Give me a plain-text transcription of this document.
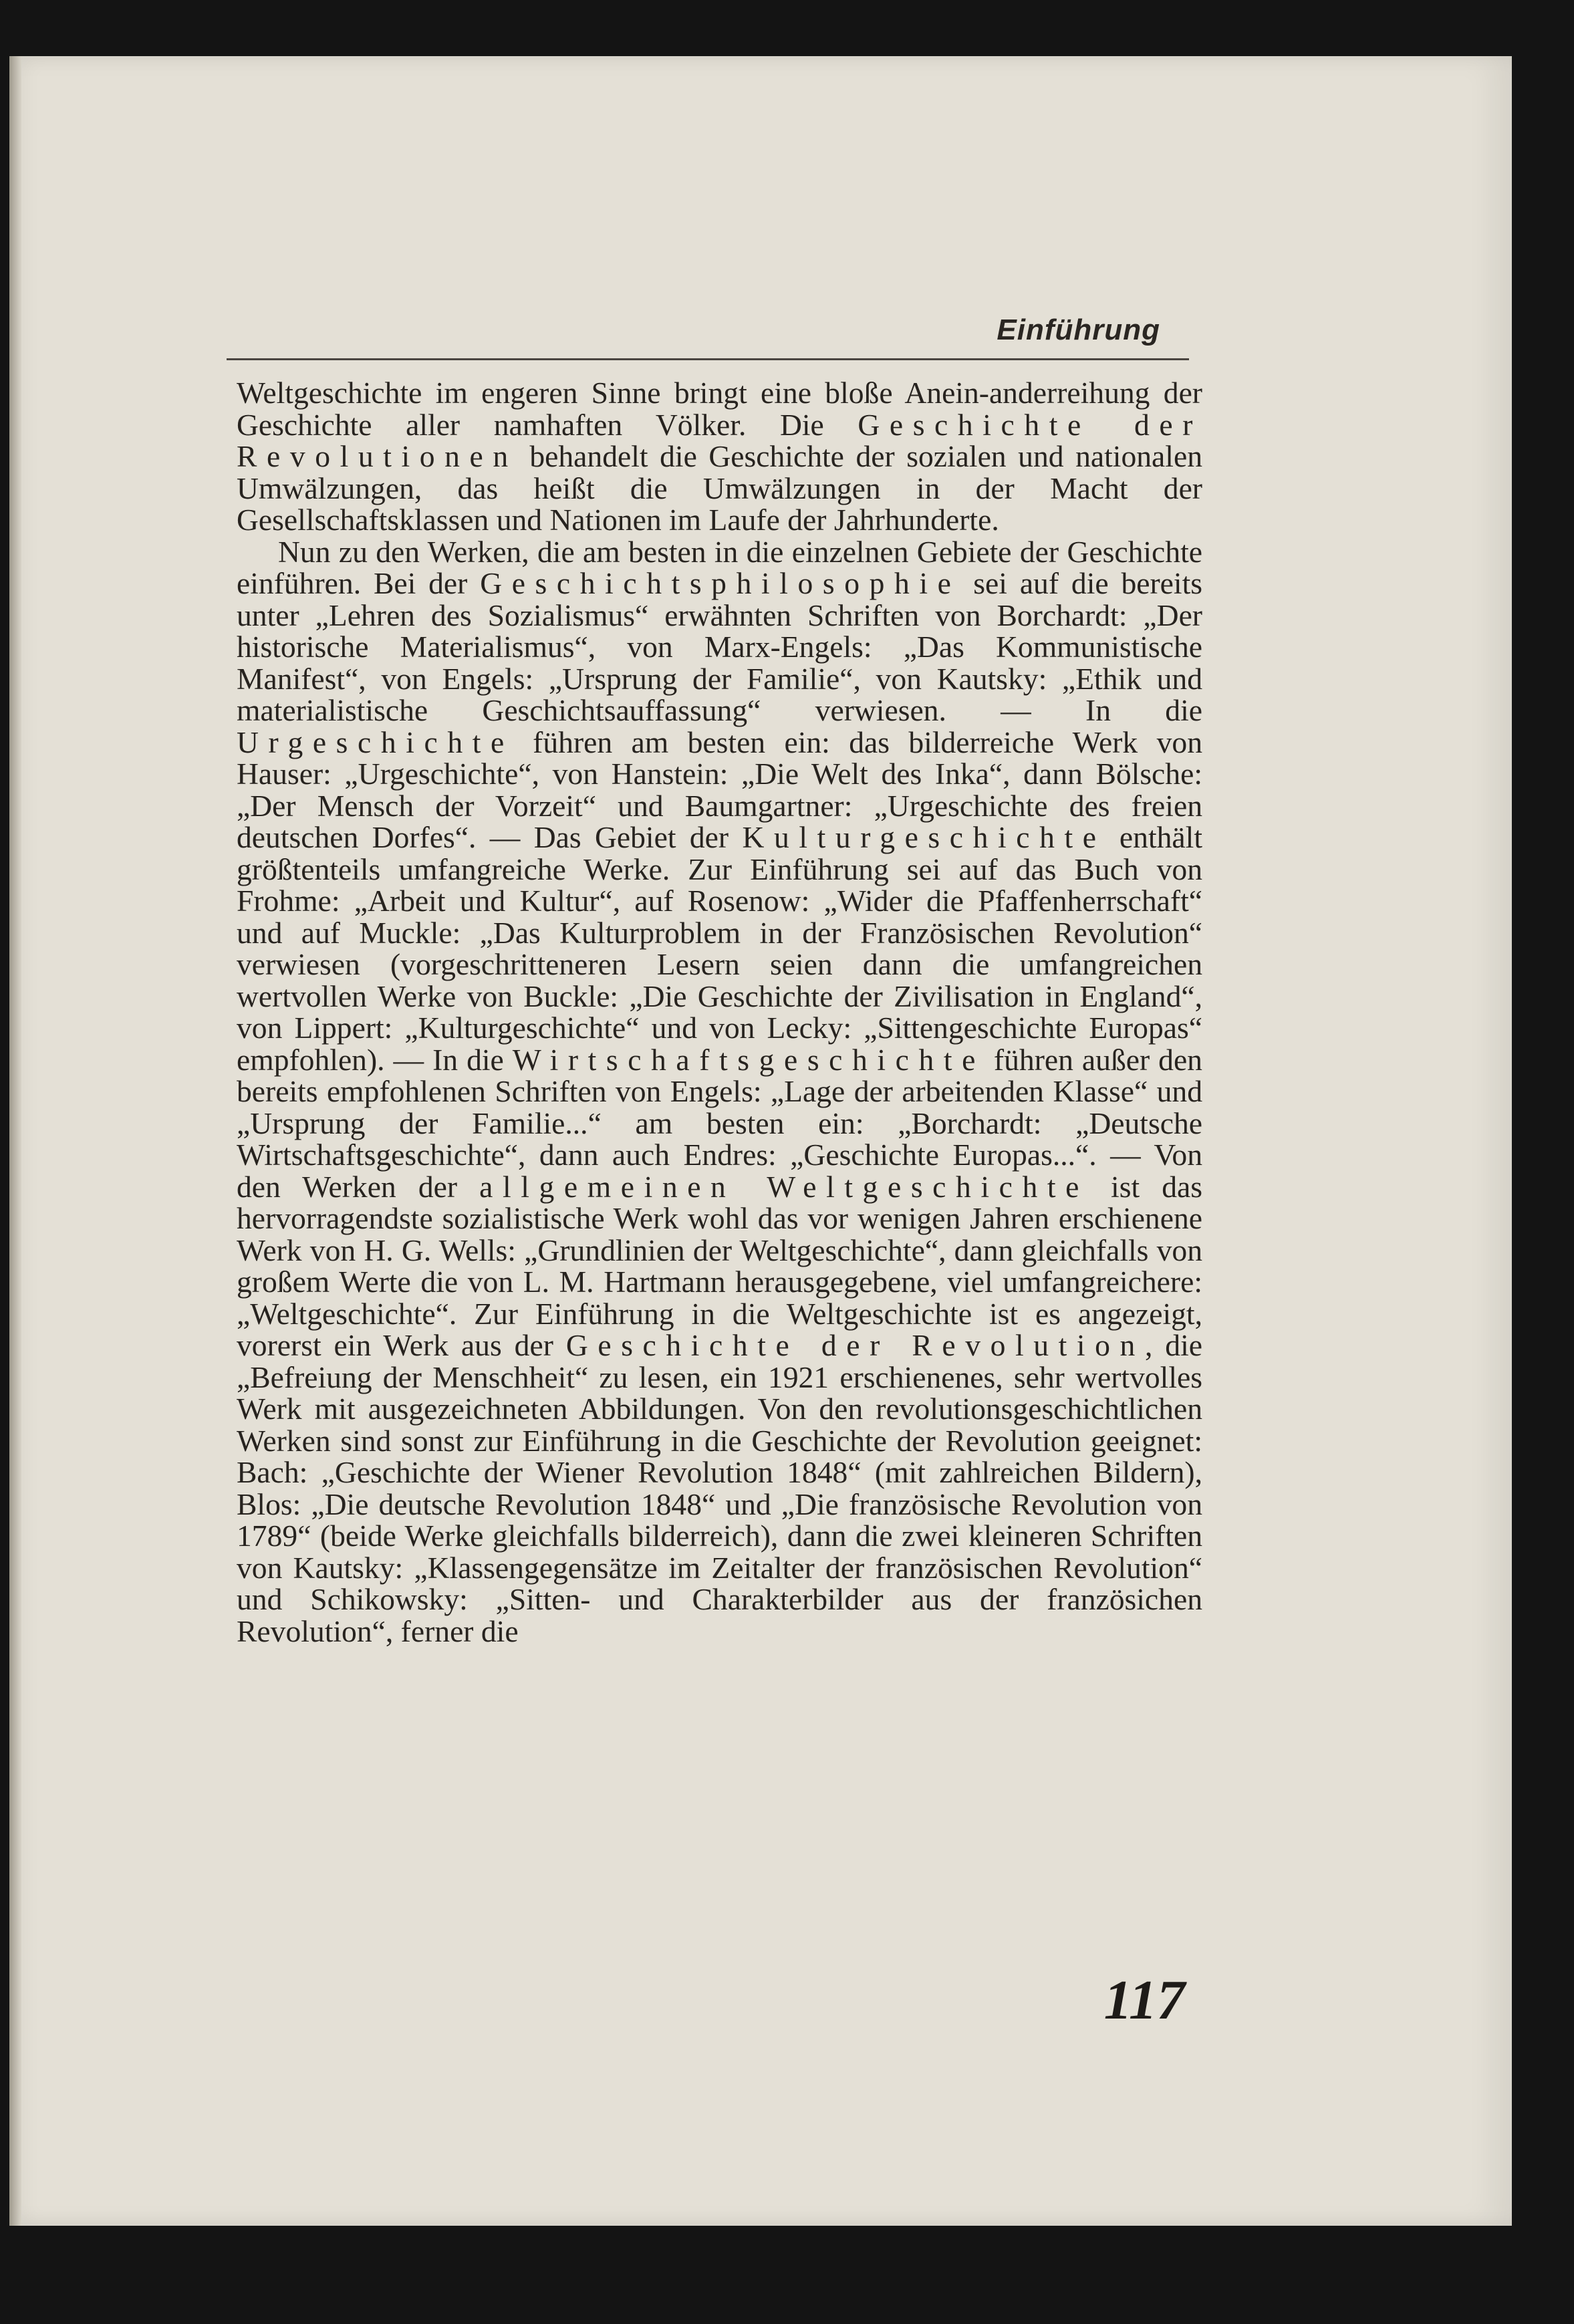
Einführung

Weltgeschichte im engeren Sinne bringt eine bloße Anein-anderreihung der Geschichte aller namhaften Völker. Die Geschichte der Revolutionen behandelt die Geschichte der sozialen und nationalen Umwälzungen, das heißt die Umwälzungen in der Macht der Gesellschaftsklassen und Nationen im Laufe der Jahrhunderte.

Nun zu den Werken, die am besten in die einzelnen Gebiete der Geschichte einführen. Bei der Geschichtsphilosophie sei auf die bereits unter „Lehren des Sozialismus“ erwähnten Schriften von Borchardt: „Der historische Materialismus“, von Marx-Engels: „Das Kommunistische Manifest“, von Engels: „Ursprung der Familie“, von Kautsky: „Ethik und materialistische Geschichtsauffassung“ verwiesen. — In die Urgeschichte führen am besten ein: das bilderreiche Werk von Hauser: „Urgeschichte“, von Hanstein: „Die Welt des Inka“, dann Bölsche: „Der Mensch der Vorzeit“ und Baumgartner: „Urgeschichte des freien deutschen Dorfes“. — Das Gebiet der Kulturgeschichte enthält größtenteils umfangreiche Werke. Zur Einführung sei auf das Buch von Frohme: „Arbeit und Kultur“, auf Rosenow: „Wider die Pfaffenherrschaft“ und auf Muckle: „Das Kulturproblem in der Französischen Revolution“ verwiesen (vorgeschritteneren Lesern seien dann die umfangreichen wertvollen Werke von Buckle: „Die Geschichte der Zivilisation in England“, von Lippert: „Kulturgeschichte“ und von Lecky: „Sittengeschichte Europas“ empfohlen). — In die Wirtschaftsgeschichte führen außer den bereits empfohlenen Schriften von Engels: „Lage der arbeitenden Klasse“ und „Ursprung der Familie...“ am besten ein: „Borchardt: „Deutsche Wirtschaftsgeschichte“, dann auch Endres: „Geschichte Europas...“. — Von den Werken der allgemeinen Weltgeschichte ist das hervorragendste sozialistische Werk wohl das vor wenigen Jahren erschienene Werk von H. G. Wells: „Grundlinien der Weltgeschichte“, dann gleichfalls von großem Werte die von L. M. Hartmann herausgegebene, viel umfangreichere: „Weltgeschichte“. Zur Einführung in die Weltgeschichte ist es angezeigt, vorerst ein Werk aus der Geschichte der Revolution, die „Befreiung der Menschheit“ zu lesen, ein 1921 erschienenes, sehr wertvolles Werk mit ausgezeichneten Abbildungen. Von den revolutionsgeschichtlichen Werken sind sonst zur Einführung in die Geschichte der Revolution geeignet: Bach: „Geschichte der Wiener Revolution 1848“ (mit zahlreichen Bildern), Blos: „Die deutsche Revolution 1848“ und „Die französische Revolution von 1789“ (beide Werke gleichfalls bilderreich), dann die zwei kleineren Schriften von Kautsky: „Klassengegensätze im Zeitalter der französischen Revolution“ und Schikowsky: „Sitten- und Charakterbilder aus der französichen Revolution“, ferner die

117
